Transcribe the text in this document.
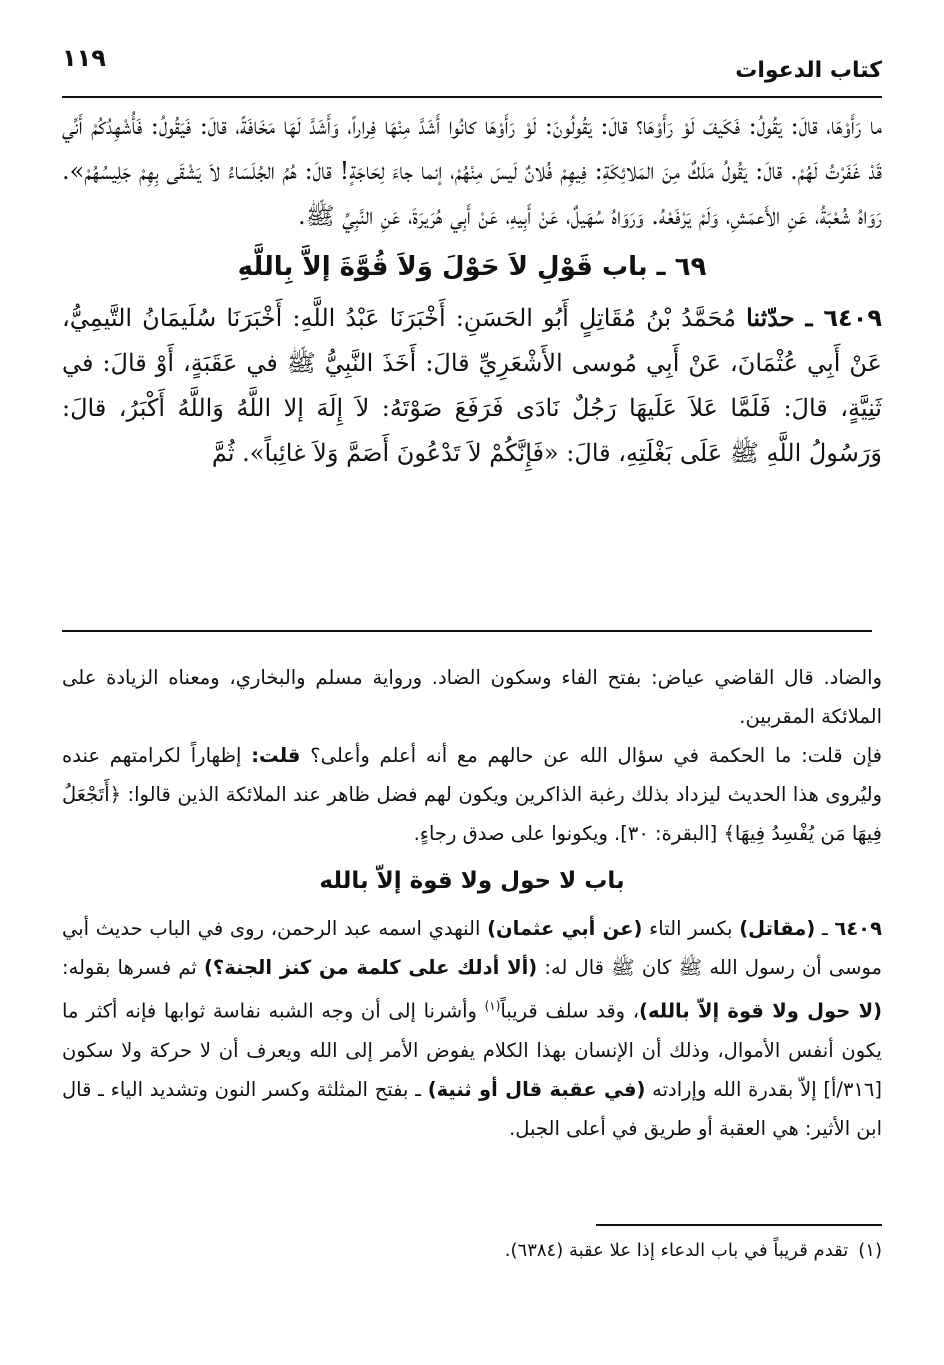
١١٩	كتاب الدعوات

ما رَأَوْهَا، قالَ: يَقُولُ: فَكَيفَ لَوْ رَأَوْهَا؟ قالَ: يَقُولُونَ: لَوْ رَأَوْهَا كانُوا أَشَدَّ مِنْهَا فِراراً، وَأَشَدَّ لَهَا مَخَافَةً، قالَ: فَيَقُولُ: فَأُشْهِدُكُمْ أَنِّي قَدْ غَفَرْتُ لَهُمْ. قالَ: يَقُولُ مَلَكٌ مِنَ المَلائِكَةِ: فِيهِمْ فُلانٌ لَيسَ مِنْهُمْ، إنما جاءَ لِحَاجَةٍ! قالَ: هُمُ الجُلَسَاءُ لاَ يَشْقَى بِهِمْ جَلِيسُهُمْ». رَوَاهُ شُعْبَةُ، عَنِ الأَعمَشِ، وَلَمْ يَرْفَعْهُ. وَرَوَاهُ سُهَيلٌ، عَنْ أَبِيهِ، عَنْ أَبِي هُرَيرَةَ، عَنِ النَّبِيِّ ﷺ.

٦٩ ـ باب قَوْلِ لاَ حَوْلَ وَلاَ قُوَّةَ إلاَّ بِاللَّهِ

٦٤٠٩ ـ حدّثنا مُحَمَّدُ بْنُ مُقَاتِلٍ أَبُو الحَسَنِ: أَخْبَرَنَا عَبْدُ اللَّهِ: أَخْبَرَنَا سُلَيمَانُ التَّيمِيُّ، عَنْ أَبِي عُثْمَانَ، عَنْ أَبِي مُوسى الأَشْعَرِيِّ قالَ: أَخَذَ النَّبِيُّ ﷺ في عَقَبَةٍ، أَوْ قالَ: في ثَنِيَّةٍ، قالَ: فَلَمَّا عَلاَ عَلَيهَا رَجُلٌ نَادَى فَرَفَعَ صَوْتَهُ: لاَ إِلَهَ إلا اللَّهُ وَاللَّهُ أَكْبَرُ، قالَ: وَرَسُولُ اللَّهِ ﷺ عَلَى بَغْلَتِهِ، قالَ: «فَإِنَّكُمْ لاَ تَدْعُونَ أَصَمَّ وَلاَ غائِباً». ثُمَّ

والضاد. قال القاضي عياض: بفتح الفاء وسكون الضاد. ورواية مسلم والبخاري، ومعناه الزيادة على الملائكة المقربين.

فإن قلت: ما الحكمة في سؤال الله عن حالهم مع أنه أعلم وأعلى؟ قلت: إظهاراً لكرامتهم عنده وليُروى هذا الحديث ليزداد بذلك رغبة الذاكرين ويكون لهم فضل ظاهر عند الملائكة الذين قالوا: ﴿أَتَجْعَلُ فِيهَا مَن يُفْسِدُ فِيهَا﴾ [البقرة: ٣٠]. ويكونوا على صدق رجاءٍ.

باب لا حول ولا قوة إلاّ بالله

٦٤٠٩ ـ (مقاتل) بكسر التاء (عن أبي عثمان) النهدي اسمه عبد الرحمن، روى في الباب حديث أبي موسى أن رسول الله ﷺ كان ﷺ قال له: (ألا أدلك على كلمة من كنز الجنة؟) ثم فسرها بقوله: (لا حول ولا قوة إلاّ بالله)، وقد سلف قريباً$^{(١)}$ وأشرنا إلى أن وجه الشبه نفاسة ثوابها فإنه أكثر ما يكون أنفس الأموال، وذلك أن الإنسان بهذا الكلام يفوض الأمر إلى الله ويعرف أن لا حركة ولا سكون [٣١٦/أ] إلاّ بقدرة الله وإرادته (في عقبة قال أو ثنية) ـ بفتح المثلثة وكسر النون وتشديد الياء ـ قال ابن الأثير: هي العقبة أو طريق في أعلى الجبل.

(١)تقدم قريباً في باب الدعاء إذا علا عقبة (٦٣٨٤).
